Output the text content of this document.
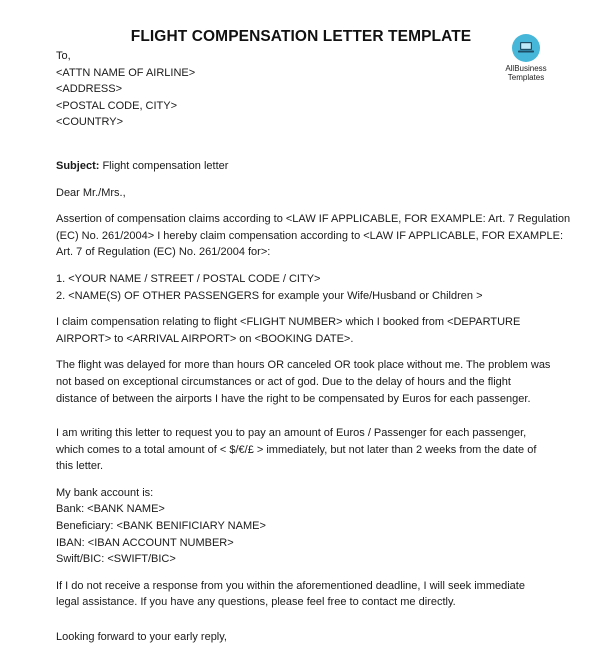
FLIGHT COMPENSATION LETTER TEMPLATE
AllBusiness
Templates
To,
<ATTN NAME OF AIRLINE>
<ADDRESS>
<POSTAL CODE, CITY>
<COUNTRY>
Subject: Flight compensation letter
Dear Mr./Mrs.,
Assertion of compensation claims according to <LAW IF APPLICABLE, FOR EXAMPLE: Art. 7 Regulation
(EC) No. 261/2004> I hereby claim compensation according to <LAW IF APPLICABLE, FOR EXAMPLE:
Art. 7 of Regulation (EC) No. 261/2004 for>:
1. <YOUR NAME / STREET / POSTAL CODE / CITY>
2. <NAME(S) OF OTHER PASSENGERS for example your Wife/Husband or Children >
I claim compensation relating to flight <FLIGHT NUMBER> which I booked from <DEPARTURE
AIRPORT> to <ARRIVAL AIRPORT> on <BOOKING DATE>.
The flight was delayed for more than hours OR canceled OR took place without me. The problem was
not based on exceptional circumstances or act of god. Due to the delay of hours and the flight
distance of between the airports I have the right to be compensated by Euros for each passenger.
I am writing this letter to request you to pay an amount of Euros / Passenger for each passenger,
which comes to a total amount of < $/€/£ > immediately, but not later than 2 weeks from the date of
this letter.
My bank account is:
Bank: <BANK NAME>
Beneficiary: <BANK BENIFICIARY NAME>
IBAN: <IBAN ACCOUNT NUMBER>
Swift/BIC: <SWIFT/BIC>
If I do not receive a response from you within the aforementioned deadline, I will seek immediate
legal assistance. If you have any questions, please feel free to contact me directly.
Looking forward to your early reply,
